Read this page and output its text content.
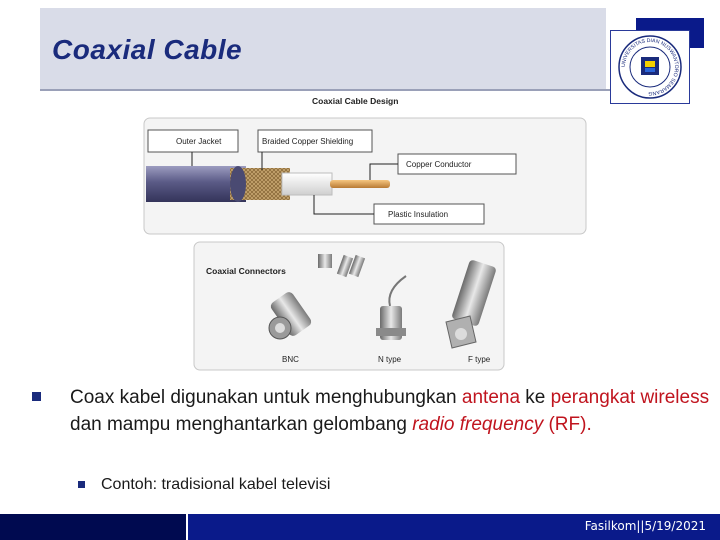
Coaxial Cable
UNIVERSITAS DIAN NUSWANTORO SEMARANG
Coaxial Cable Design
Outer Jacket	Braided Copper Shielding
Copper Conductor
Plastic Insulation
Coaxial Connectors
BNC	N type	F type
Coax kabel digunakan untuk menghubungkan antena ke perangkat wireless dan mampu menghantarkan gelombang radio frequency (RF).
Contoh: tradisional kabel televisi
Fasilkom||5/19/2021
